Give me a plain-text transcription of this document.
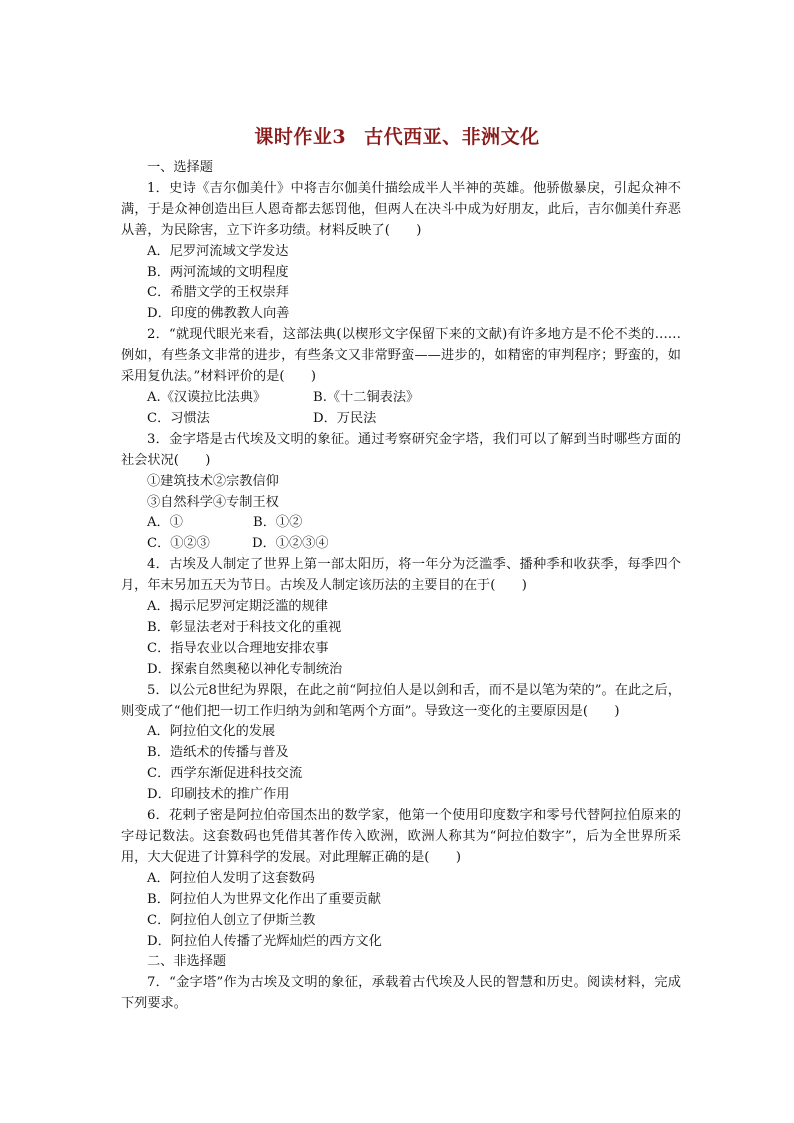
课时作业3 古代西亚、非洲文化
一、选择题
1．史诗《吉尔伽美什》中将吉尔伽美什描绘成半人半神的英雄。他骄傲暴戾，引起众神不满，于是众神创造出巨人恩奇都去惩罚他，但两人在决斗中成为好朋友，此后，吉尔伽美什弃恶从善，为民除害，立下许多功绩。材料反映了(　　)
A．尼罗河流域文学发达
B．两河流域的文明程度
C．希腊文学的王权崇拜
D．印度的佛教教人向善
2．“就现代眼光来看，这部法典(以楔形文字保留下来的文献)有许多地方是不伦不类的……例如，有些条文非常的进步，有些条文又非常野蛮——进步的，如精密的审判程序；野蛮的，如采用复仇法。”材料评价的是(　　)
A.《汉谟拉比法典》	B.《十二铜表法》
C．习惯法	D．万民法
3．金字塔是古代埃及文明的象征。通过考察研究金字塔，我们可以了解到当时哪些方面的社会状况(　　)
①建筑技术②宗教信仰
③自然科学④专制王权
A．①	B．①②
C．①②③	D．①②③④
4．古埃及人制定了世界上第一部太阳历，将一年分为泛滥季、播种季和收获季，每季四个月，年末另加五天为节日。古埃及人制定该历法的主要目的在于(　　)
A．揭示尼罗河定期泛滥的规律
B．彰显法老对于科技文化的重视
C．指导农业以合理地安排农事
D．探索自然奥秘以神化专制统治
5．以公元8世纪为界限，在此之前“阿拉伯人是以剑和舌，而不是以笔为荣的”。在此之后，则变成了“他们把一切工作归纳为剑和笔两个方面”。导致这一变化的主要原因是(　　)
A．阿拉伯文化的发展
B．造纸术的传播与普及
C．西学东渐促进科技交流
D．印刷技术的推广作用
6．花剌子密是阿拉伯帝国杰出的数学家，他第一个使用印度数字和零号代替阿拉伯原来的字母记数法。这套数码也凭借其著作传入欧洲，欧洲人称其为“阿拉伯数字”，后为全世界所采用，大大促进了计算科学的发展。对此理解正确的是(　　)
A．阿拉伯人发明了这套数码
B．阿拉伯人为世界文化作出了重要贡献
C．阿拉伯人创立了伊斯兰教
D．阿拉伯人传播了光辉灿烂的西方文化
二、非选择题
7．“金字塔”作为古埃及文明的象征，承载着古代埃及人民的智慧和历史。阅读材料，完成下列要求。
